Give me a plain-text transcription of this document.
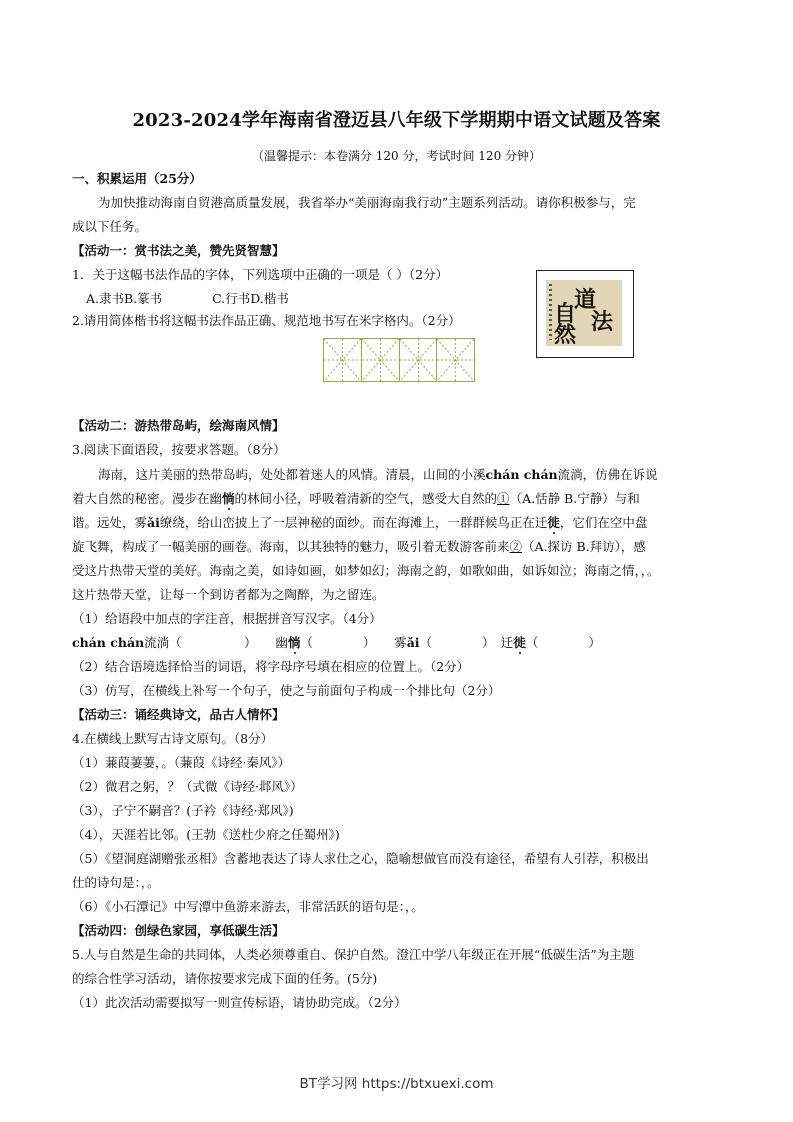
2023-2024学年海南省澄迈县八年级下学期期中语文试题及答案
（温馨提示：本卷满分 120 分，考试时间 120 分钟）
一、积累运用（25分）
为加快推动海南自贸港高质量发展，我省举办“美丽海南我行动”主题系列活动。请你积极参与，完
成以下任务。
【活动一：赏书法之美，赞先贤智慧】
1．关于这幅书法作品的字体，下列选项中正确的一项是（ ）（2分）
A.隶书B.篆书　　　　C.行书D.楷书
2.请用简体楷书将这幅书法作品正确、规范地书写在米字格内。（2分）
道
法
自
然
【活动二：游热带岛屿，绘海南风情】
3.阅读下面语段，按要求答题。（8分）
海南，这片美丽的热带岛屿，处处都着迷人的风情。清晨，山间的小溪chán chán流淌，仿佛在诉说
着大自然的秘密。漫步在幽惝的林间小径，呼吸着清新的空气，感受大自然的①（A.恬静 B.宁静）与和
谐。远处，雾ǎi缭绕，给山峦披上了一层神秘的面纱。而在海滩上，一群群候鸟正在迁徙，它们在空中盘
旋飞舞，构成了一幅美丽的画卷。海南，以其独特的魅力，吸引着无数游客前来②（A.探访 B.拜访），感
受这片热带天堂的美好。海南之美，如诗如画，如梦如幻；海南之韵，如歌如曲，如诉如泣；海南之情，，。
这片热带天堂，让每一个到访者都为之陶醉，为之留连。
（1）给语段中加点的字注音，根据拼音写汉字。（4分）
chán chán流淌（　　　　　）　　幽惝（　　　　）　　雾ǎi（　　　　）　迁徙（　　　　）
（2）结合语境选择恰当的词语，将字母序号填在相应的位置上。（2分）
（3）仿写，在横线上补写一个句子，使之与前面句子构成一个排比句（2分）
【活动三：诵经典诗文，品古人情怀】
4.在横线上默写古诗文原句。（8分）
（1）蒹葭萋萋，。（蒹葭《诗经·秦风》）
（2）微君之躬，？（式微《诗经·邶风》）
（3），子宁不嗣音？(子衿《诗经·郑风》)
（4），天涯若比邻。(王勃《送杜少府之任蜀州》)
（5）《望洞庭湖赠张丞相》含蓄地表达了诗人求仕之心，隐喻想做官而没有途径，希望有人引荐，积极出
仕的诗句是：，。
（6）《小石潭记》中写潭中鱼游来游去，非常活跃的语句是：，。
【活动四：创绿色家园，享低碳生活】
5.人与自然是生命的共同体，人类必须尊重自、保护自然。澄江中学八年级正在开展“低碳生活”为主题
的综合性学习活动，请你按要求完成下面的任务。(5分)
（1）此次活动需要拟写一则宣传标语，请协助完成。（2分）
BT学习网 https://btxuexi.com
